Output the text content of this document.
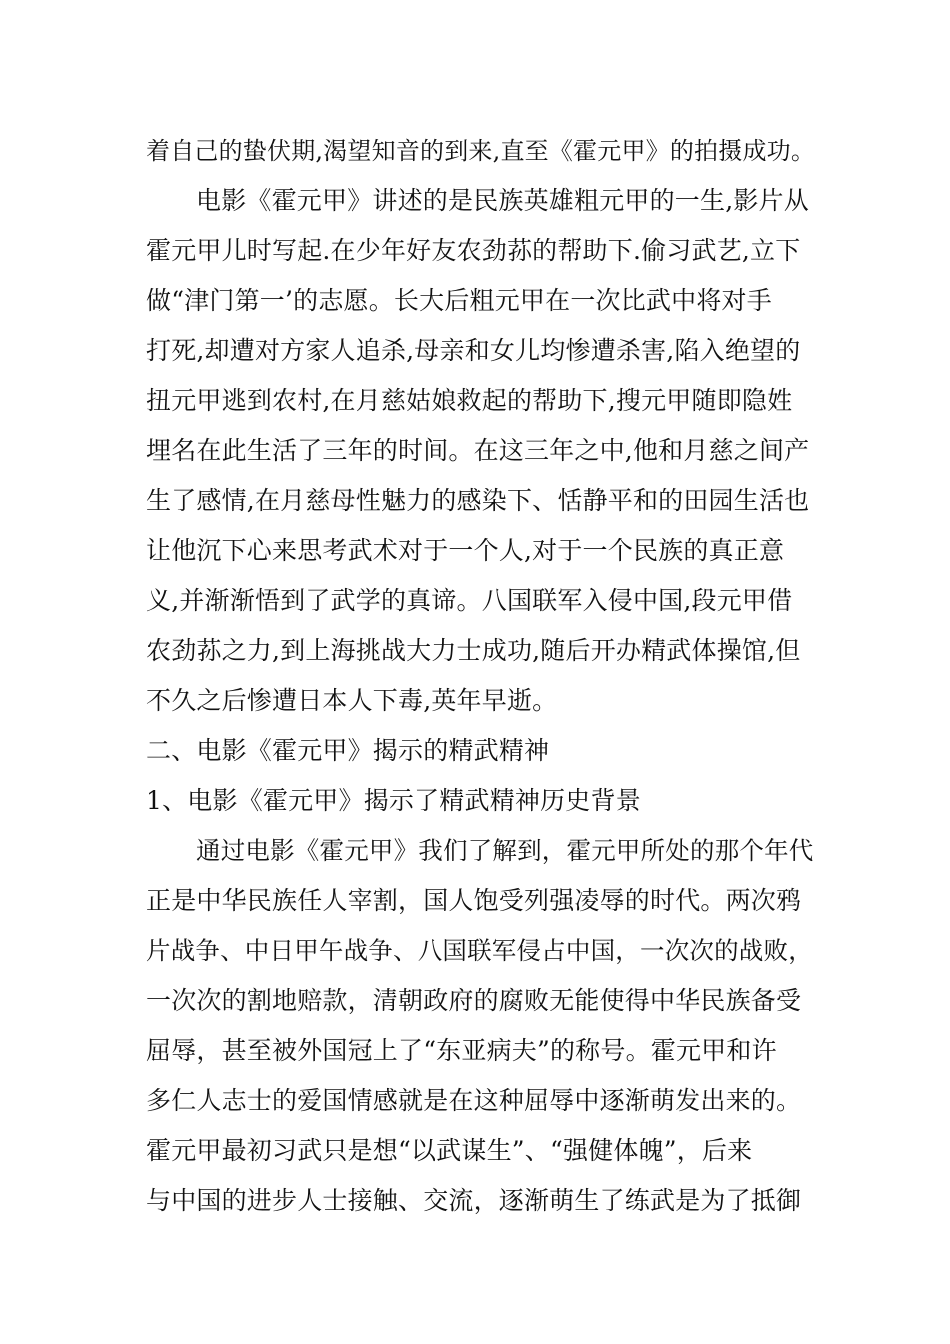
着自己的蛰伏期,渴望知音的到来,直至《霍元甲》的拍摄成功。
电影《霍元甲》讲述的是民族英雄粗元甲的一生,影片从
霍元甲儿时写起.在少年好友农劲荪的帮助下.偷习武艺,立下
做“津门第一’的志愿。长大后粗元甲在一次比武中将对手
打死,却遭对方家人追杀,母亲和女儿均惨遭杀害,陷入绝望的
扭元甲逃到农村,在月慈姑娘救起的帮助下,搜元甲随即隐姓
埋名在此生活了三年的时间。在这三年之中,他和月慈之间产
生了感情,在月慈母性魅力的感染下、恬静平和的田园生活也
让他沉下心来思考武术对于一个人,对于一个民族的真正意
义,并渐渐悟到了武学的真谛。八国联军入侵中国,段元甲借
农劲荪之力,到上海挑战大力士成功,随后开办精武体操馆,但
不久之后惨遭日本人下毒,英年早逝。
二、电影《霍元甲》揭示的精武精神
1、电影《霍元甲》揭示了精武精神历史背景
通过电影《霍元甲》我们了解到，霍元甲所处的那个年代
正是中华民族任人宰割，国人饱受列强凌辱的时代。两次鸦
片战争、中日甲午战争、八国联军侵占中国，一次次的战败，
一次次的割地赔款，清朝政府的腐败无能使得中华民族备受
屈辱，甚至被外国冠上了“东亚病夫”的称号。霍元甲和许
多仁人志士的爱国情感就是在这种屈辱中逐渐萌发出来的。
霍元甲最初习武只是想“以武谋生”、“强健体魄”，后来
与中国的进步人士接触、交流，逐渐萌生了练武是为了抵御
